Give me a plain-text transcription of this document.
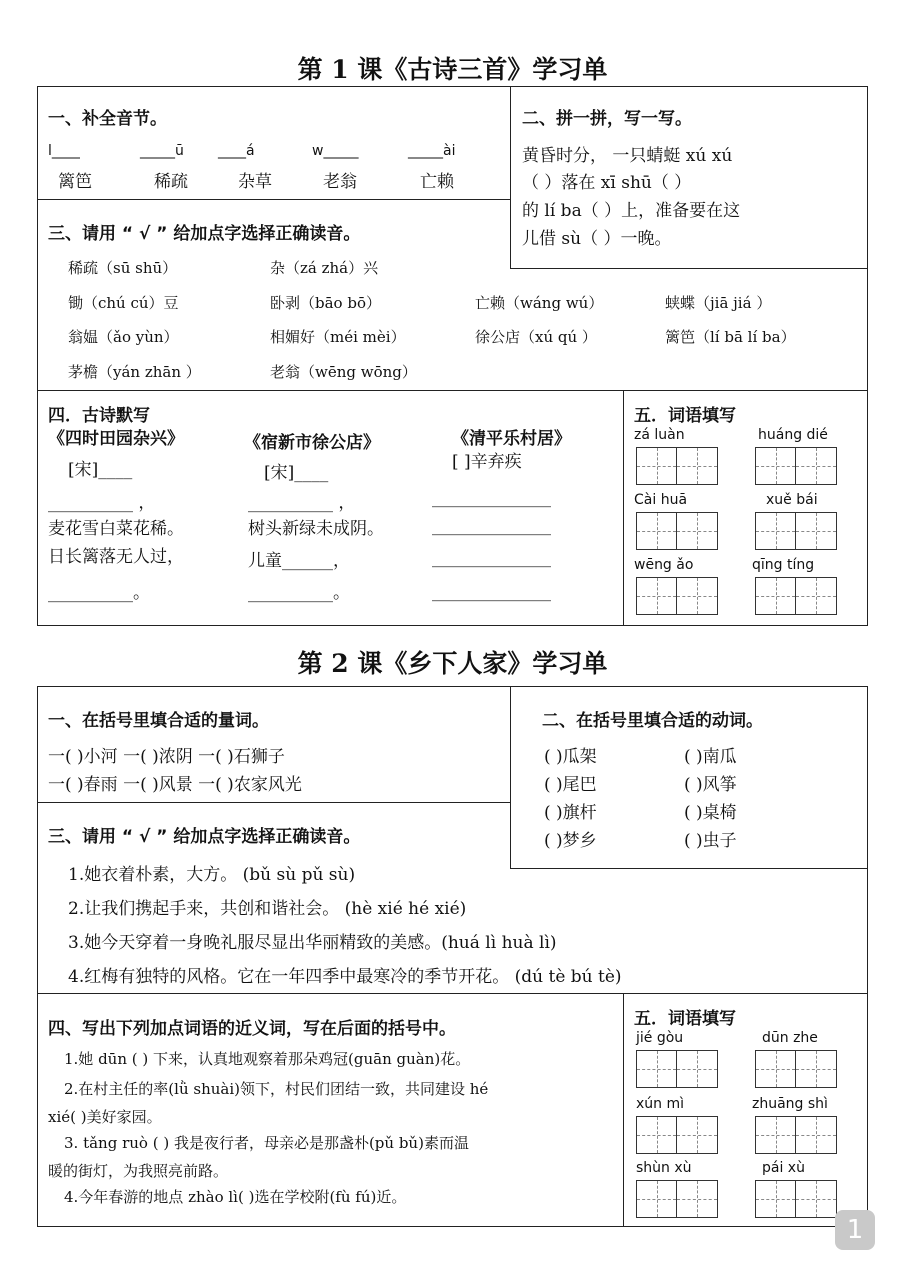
第 1 课《古诗三首》学习单
一、补全音节。
l____	_____ū ____á	w_____	_____ài
篱笆	稀疏	杂草	老翁	亡赖
二、拼一拼，写一写。
黄昏时分， 一只蜻蜓 xú xú
（ ）落在 xī shū（ ）
的 lí ba（ ）上，准备要在这
儿借 sù（ ）一晚。
三、请用 “ √ ” 给加点字选择正确读音。
稀疏（sū shū）	杂（zá zhá）兴
锄（chú cú）豆	卧剥（bāo bō）	亡赖（wáng wú）	蛱蝶（jiā jiá ）
翁媪（ǎo yùn）	相媚好（méi mèi）	徐公店（xú qú ）	篱笆（lí bā lí ba）
茅檐（yán zhān ）	老翁（wēng wōng）
四．古诗默写
《四时田园杂兴》	《宿新市徐公店》	《清平乐村居》
[宋]____	[宋]____
[ ]辛弃疾
__________ ，	__________ ，	______________
麦花雪白菜花稀。	树头新绿未成阴。	______________
日长篱落无人过，	儿童______，	______________
__________。	__________。	______________
五．词语填写
zá luàn	huáng dié
Cài huā	xuě bái
wēng ǎo	qīng tíng
第 2 课《乡下人家》学习单
一、在括号里填合适的量词。
一( )小河 一( )浓阴 一( )石狮子
一( )春雨 一( )风景 一( )农家风光
二、在括号里填合适的动词。
( )瓜架	( )南瓜
( )尾巴	( )风筝
( )旗杆	( )桌椅
( )梦乡	( )虫子
三、请用 “ √ ” 给加点字选择正确读音。
1.她衣着朴素，大方。 (bǔ sù pǔ sù)
2.让我们携起手来，共创和谐社会。 (hè xié hé xié)
3.她今天穿着一身晚礼服尽显出华丽精致的美感。(huá lì huà lì)
4.红梅有独特的风格。它在一年四季中最寒冷的季节开花。 (dú tè bú tè)
四、写出下列加点词语的近义词，写在后面的括号中。
1.她 dūn ( ) 下来，认真地观察着那朵鸡冠(guān guàn)花。
2.在村主任的率(lǜ shuài)领下，村民们团结一致，共同建设 hé
xié( )美好家园。
3. tǎng ruò ( ) 我是夜行者，母亲必是那盏朴(pǔ bǔ)素而温
暖的街灯，为我照亮前路。
4.今年春游的地点 zhào lì( )选在学校附(fù fú)近。
五．词语填写
jié gòu	dūn zhe
xún mì	zhuāng shì
shùn xù	pái xù
1
